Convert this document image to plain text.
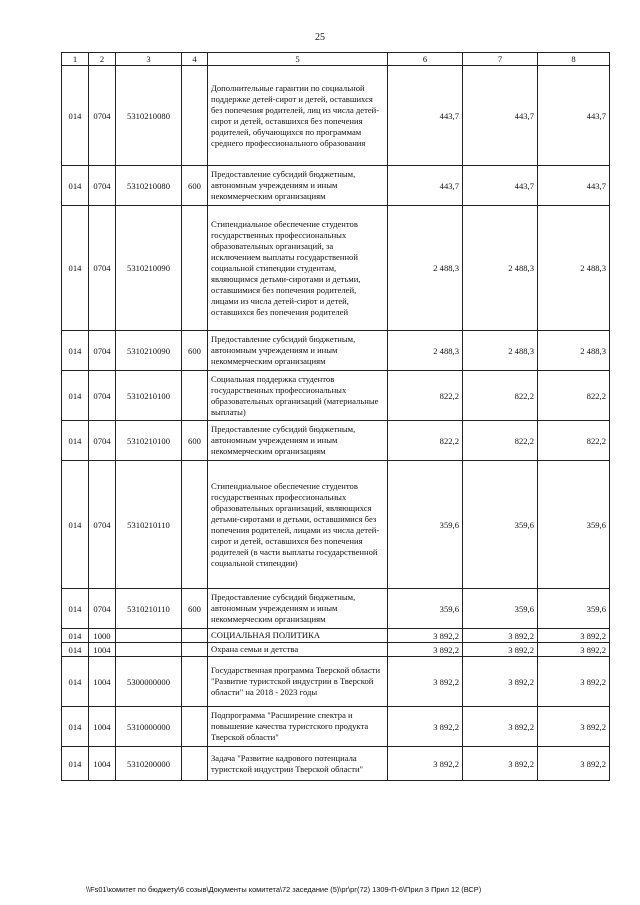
25
1	2	3	4	5	6	7	8
014	0704	5310210080		Дополнительные гарантии по социальной поддержке детей-сирот и детей, оставшихся без попечения родителей, лиц из числа детей-сирот и детей, оставшихся без попечения родителей, обучающихся по программам среднего профессионального образования	443,7	443,7	443,7
014	0704	5310210080	600	Предоставление субсидий бюджетным, автономным учреждениям и иным некоммерческим организациям	443,7	443,7	443,7
014	0704	5310210090		Стипендиальное обеспечение студентов государственных профессиональных образовательных организаций, за исключением выплаты государственной социальной стипендии студентам, являющимся детьми-сиротами и детьми, оставшимися без попечения родителей, лицами из числа детей-сирот и детей, оставшихся без попечения родителей	2 488,3	2 488,3	2 488,3
014	0704	5310210090	600	Предоставление субсидий бюджетным, автономным учреждениям и иным некоммерческим организациям	2 488,3	2 488,3	2 488,3
014	0704	5310210100		Социальная поддержка студентов государственных профессиональных образовательных организаций (материальные выплаты)	822,2	822,2	822,2
014	0704	5310210100	600	Предоставление субсидий бюджетным, автономным учреждениям и иным некоммерческим организациям	822,2	822,2	822,2
014	0704	5310210110		Стипендиальное обеспечение студентов государственных профессиональных образовательных организаций, являющихся детьми-сиротами и детьми, оставшимися без попечения родителей, лицами из числа детей-сирот и детей, оставшихся без попечения родителей (в части выплаты государственной социальной стипендии)	359,6	359,6	359,6
014	0704	5310210110	600	Предоставление субсидий бюджетным, автономным учреждениям и иным некоммерческим организациям	359,6	359,6	359,6
014	1000			СОЦИАЛЬНАЯ ПОЛИТИКА	3 892,2	3 892,2	3 892,2
014	1004			Охрана семьи и детства	3 892,2	3 892,2	3 892,2
014	1004	5300000000		Государственная программа Тверской области "Развитие туристской индустрии в Тверской области" на 2018 - 2023 годы	3 892,2	3 892,2	3 892,2
014	1004	5310000000		Подпрограмма "Расширение спектра и повышение качества туристского продукта Тверской области"	3 892,2	3 892,2	3 892,2
014	1004	5310200000		Задача "Развитие кадрового потенциала туристской индустрии Тверской области"	3 892,2	3 892,2	3 892,2
\\Fs01\комитет по бюджету\6 созыв\Документы комитета\72 заседание (5)\рг\рг(72) 1309-П-6\Прил 3 Прил 12 (ВСР)
